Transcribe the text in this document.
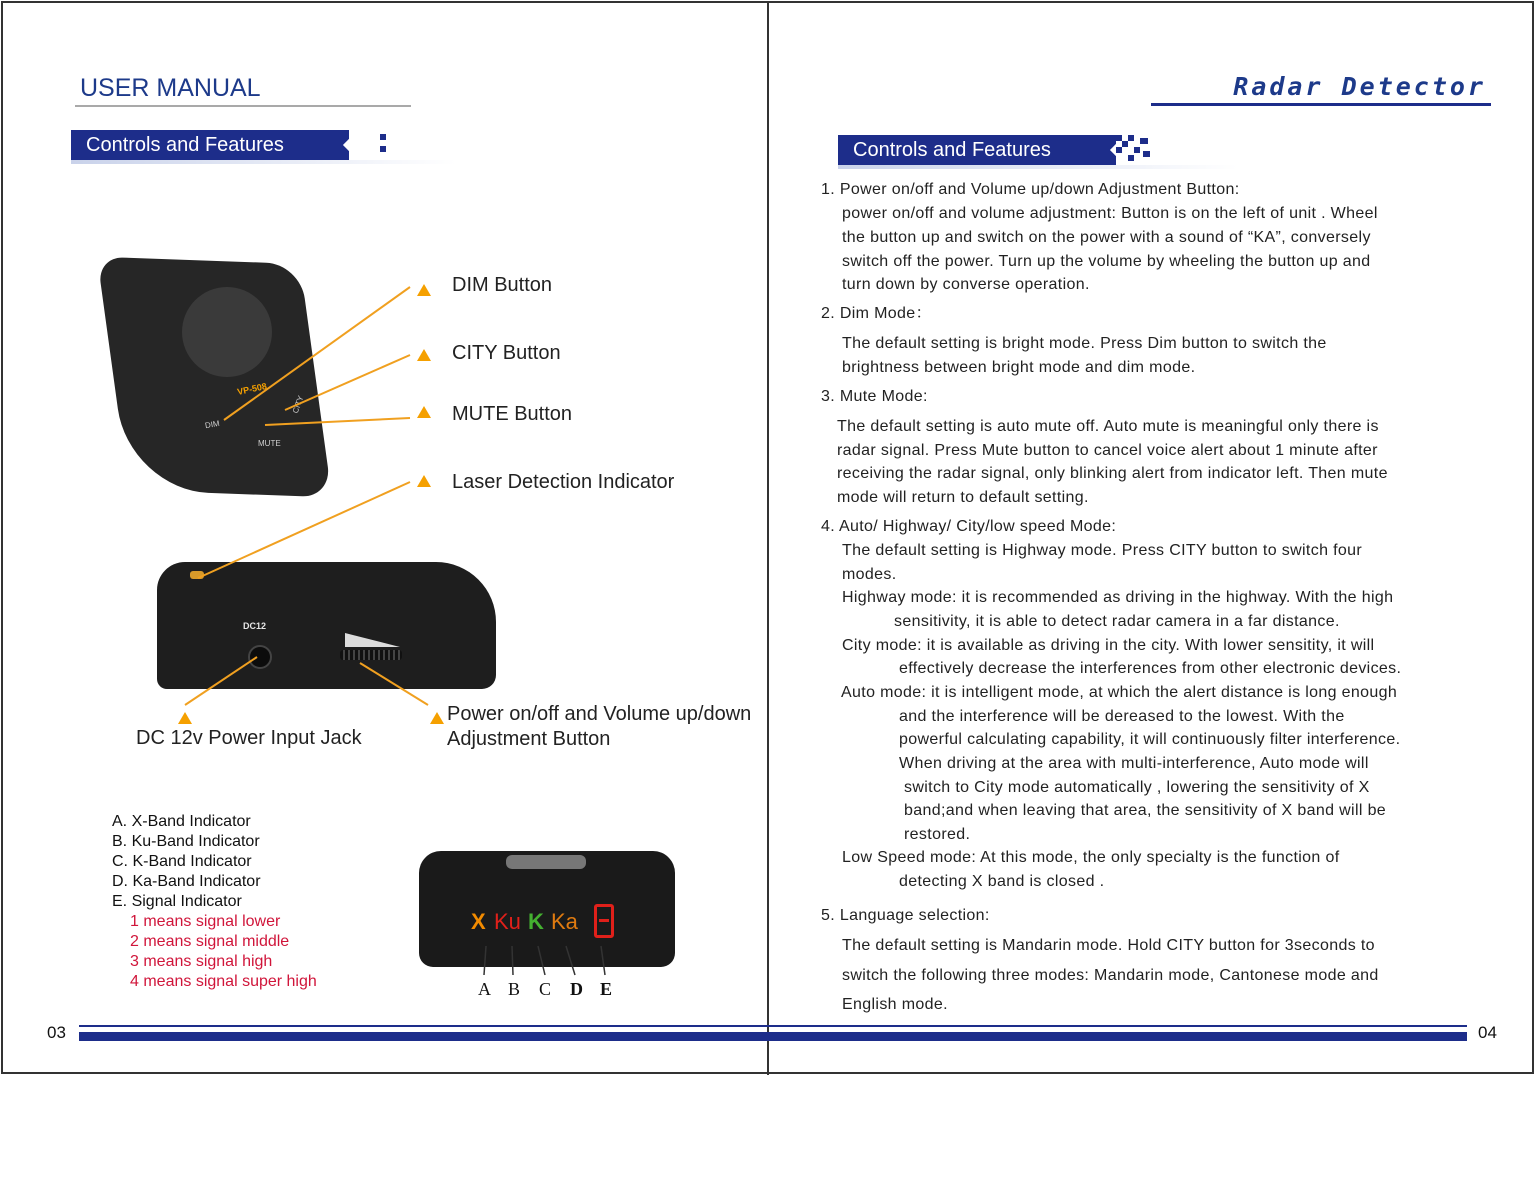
USER MANUAL
Controls and Features
VP-508
DIM
MUTE
CITY
DC12
X Ku K Ka
DIM Button
CITY Button
MUTE Button
Laser Detection Indicator
DC 12v Power Input Jack
Power on/off and Volume up/down
Adjustment Button
A. X-Band Indicator
B. Ku-Band Indicator
C. K-Band Indicator
D. Ka-Band Indicator
E. Signal Indicator
1 means signal lower
2 means signal middle
3 means signal high
4 means signal super high	A B C D E
Radar Detector
Controls and Features
1. Power on/off and Volume up/down Adjustment Button:
power on/off and volume adjustment: Button is on the left of unit . Wheel
the button up and switch on the power with a sound of “KA”, conversely
switch off the power. Turn up the volume by wheeling the button up and
turn down by converse operation.
2. Dim Mode：
The default setting is bright mode. Press Dim button to switch the
brightness between bright mode and dim mode.
3. Mute Mode:
The default setting is auto mute off. Auto mute is meaningful only there is
radar signal. Press Mute button to cancel voice alert about 1 minute after
receiving the radar signal, only blinking alert from indicator left. Then mute
mode will return to default setting.
4. Auto/ Highway/ City/low speed Mode:
The default setting is Highway mode. Press CITY button to switch four
modes.
Highway mode: it is recommended as driving in the highway. With the high
sensitivity, it is able to detect radar camera in a far distance.
City mode: it is available as driving in the city. With lower sensitity, it will
effectively decrease the interferences from other electronic devices.
Auto mode: it is intelligent mode, at which the alert distance is long enough
and the interference will be dereased to the lowest. With the
powerful calculating capability, it will continuously filter interference.
When driving at the area with multi-interference, Auto mode will
switch to City mode automatically , lowering the sensitivity of X
band;and when leaving that area, the sensitivity of X band will be
restored.
Low Speed mode: At this mode, the only specialty is the function of
detecting X band is closed .
5. Language selection:
The default setting is Mandarin mode. Hold CITY button for 3seconds to
switch the following three modes: Mandarin mode, Cantonese mode and
English mode.
03	04
